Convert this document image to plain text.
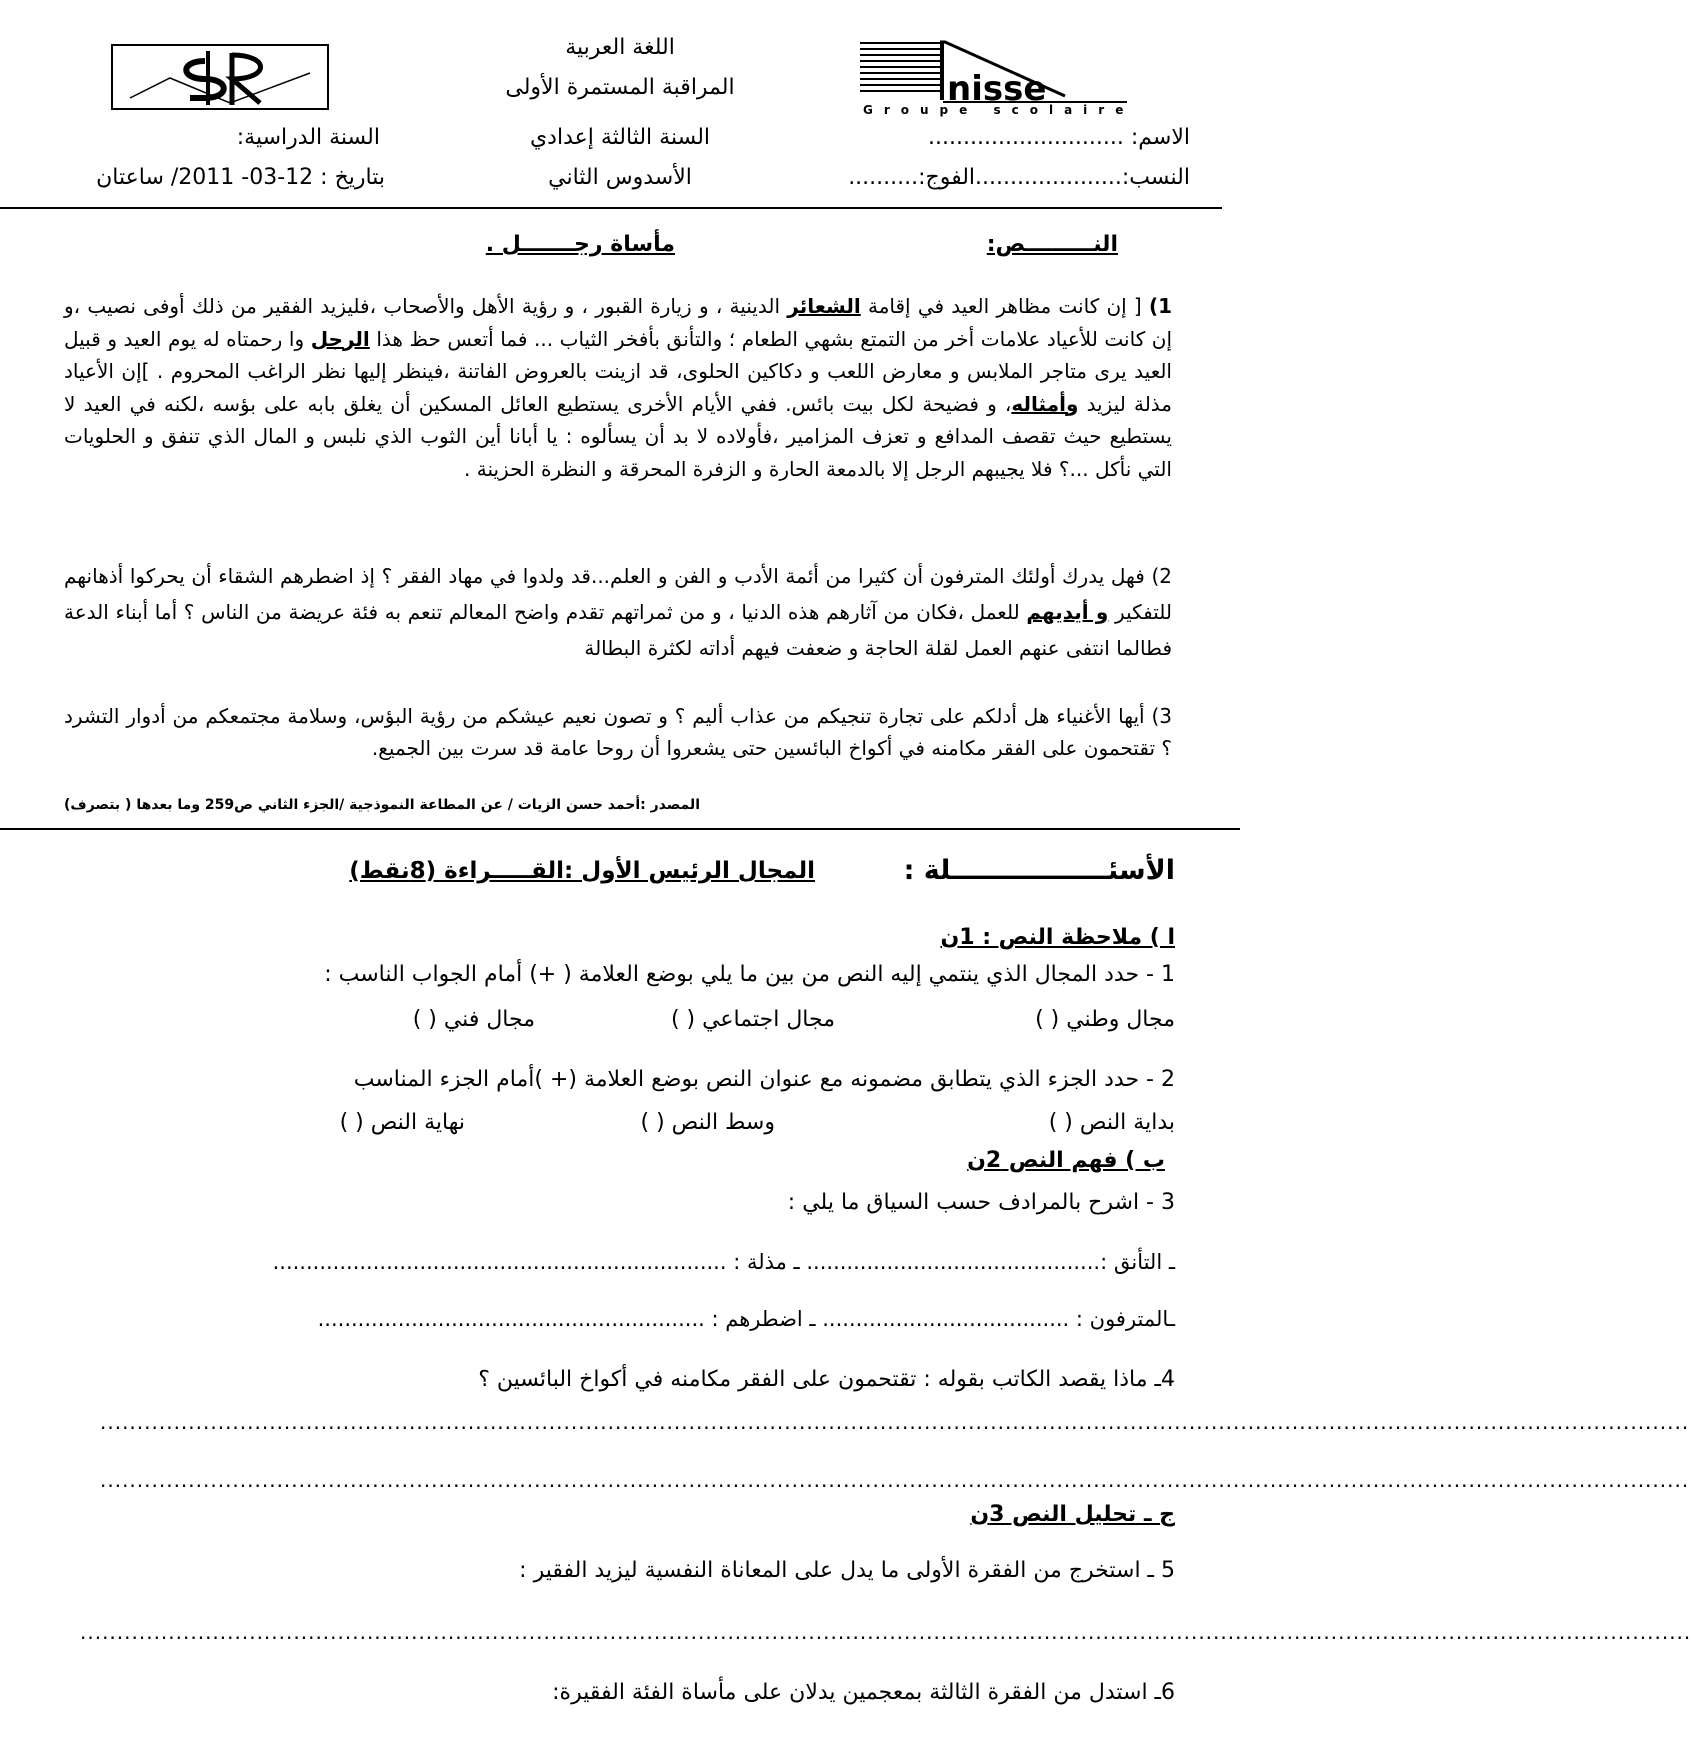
nisse
Groupe scolaire
اللغة العربية
المراقبة المستمرة الأولى
الاسم: ............................
السنة الثالثة إعدادي
السنة الدراسية:
النسب:.....................الفوج:..........
الأسدوس الثاني
بتاريخ : 12-03- 2011/ ساعتان
النـــــــــص:
مأساة رجـــــــل .

1) [ إن كانت مظاهر العيد في إقامة الشعائر الدينية ، و زيارة القبور ، و رؤية الأهل والأصحاب ،فليزيد الفقير من ذلك أوفى نصيب ،و إن كانت للأعياد علامات أخر من التمتع بشهي الطعام ؛ والتأنق بأفخر الثياب ... فما أتعس حظ هذا الرجل وا رحمتاه له يوم العيد و قبيل العيد يرى متاجر الملابس و معارض اللعب و دكاكين الحلوى، قد ازينت بالعروض الفاتنة ،فينظر إليها نظر الراغب المحروم . ]إن الأعياد مذلة ليزيد وأمثاله، و فضيحة لكل بيت بائس. ففي الأيام الأخرى يستطيع العائل المسكين أن يغلق بابه على بؤسه ،لكنه في العيد لا يستطيع حيث تقصف المدافع و تعزف المزامير ،فأولاده لا بد أن يسألوه : يا أبانا أين الثوب الذي نلبس و المال الذي تنفق و الحلويات التي نأكل ...؟ فلا يجيبهم الرجل إلا بالدمعة الحارة و الزفرة المحرقة و النظرة الحزينة .

2) فهل يدرك أولئك المترفون أن كثيرا من أئمة الأدب و الفن و العلم...قد ولدوا في مهاد الفقر ؟ إذ اضطرهم الشقاء أن يحركوا أذهانهم للتفكير و أيديهم للعمل ،فكان من آثارهم هذه الدنيا ، و من ثمراتهم تقدم واضح المعالم تنعم به فئة عريضة من الناس ؟ أما أبناء الدعة فطالما انتفى عنهم العمل لقلة الحاجة و ضعفت فيهم أداته لكثرة البطالة

3) أيها الأغنياء هل أدلكم على تجارة تنجيكم من عذاب أليم ؟ و تصون نعيم عيشكم من رؤية البؤس، وسلامة مجتمعكم من أدوار التشرد ؟ تقتحمون على الفقر مكامنه في أكواخ البائسين حتى يشعروا أن روحا عامة قد سرت بين الجميع.

المصدر :أحمد حسن الزيات / عن المطاعة النموذجية /الجزء الثاني ص259 وما بعدها ( بتصرف)
الأسئـــــــــــــــــلة :
المجال الرئيس الأول :القـــــراءة (8نقط)
ا ) ملاحظة النص : 1ن
1 - حدد المجال الذي ينتمي إليه النص من بين ما يلي بوضع العلامة ( +) أمام الجواب الناسب :
مجال وطني ( )
مجال اجتماعي ( )
مجال فني ( )
2 - حدد الجزء الذي يتطابق مضمونه مع عنوان النص بوضع العلامة (+ )أمام الجزء المناسب
بداية النص ( )
وسط النص ( )
نهاية النص ( )
ب ) فهم النص 2ن
3 - اشرح بالمرادف حسب السياق ما يلي :
ـ التأنق :............................................ ـ مذلة : ....................................................................
ـالمترفون : ..................................... ـ اضطرهم : ..........................................................
4ـ ماذا يقصد الكاتب بقوله : تقتحمون على الفقر مكامنه في أكواخ البائسين ؟
........................................................................................................................................................................................................................
........................................................................................................................................................................................................................
ج ـ تحليل النص 3ن
5 ـ استخرج من الفقرة الأولى ما يدل على المعاناة النفسية ليزيد الفقير :
...........................................................................................................................................................................................................................
6ـ استدل من الفقرة الثالثة بمعجمين يدلان على مأساة الفئة الفقيرة:
